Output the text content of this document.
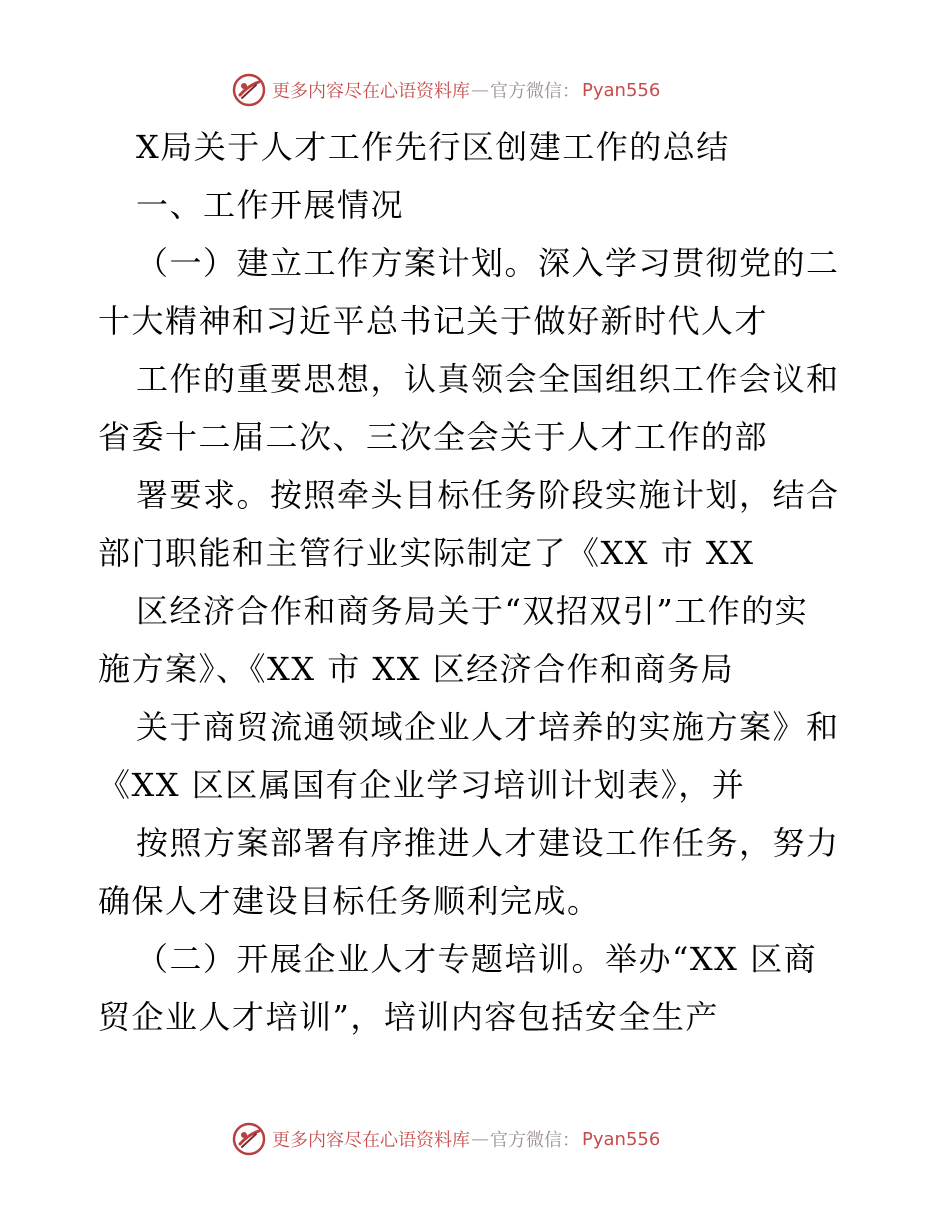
更多内容尽在心语资料库 — 官方微信： Pyan556
X局关于人才工作先行区创建工作的总结
一、工作开展情况
（一）建立工作方案计划。深入学习贯彻党的二
十大精神和习近平总书记关于做好新时代人才
工作的重要思想，认真领会全国组织工作会议和
省委十二届二次、三次全会关于人才工作的部
署要求。按照牵头目标任务阶段实施计划，结合
部门职能和主管行业实际制定了《XX 市 XX
区经济合作和商务局关于“双招双引”工作的实
施方案》、《XX 市 XX 区经济合作和商务局
关于商贸流通领域企业人才培养的实施方案》和
《XX 区区属国有企业学习培训计划表》，并
按照方案部署有序推进人才建设工作任务，努力
确保人才建设目标任务顺利完成。
（二）开展企业人才专题培训。举办“XX 区商
贸企业人才培训”，培训内容包括安全生产
更多内容尽在心语资料库 — 官方微信： Pyan556
